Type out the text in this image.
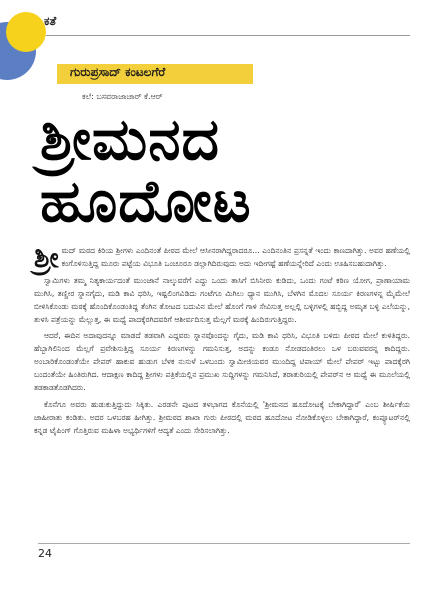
ಕತೆ
ಗುರುಪ್ರಸಾದ್ ಕಂಟಲಗೆರೆ
ಕಲೆ: ಬಸವರಾಜಾಚಾರ್ ಕೆ.ಆರ್
ಶ್ರೀಮನದ
ಹೂದೋಟ

ಶ್ರೀ ಮದ್ ಮಠದ ಕಿರಿಯ ಶ್ರೀಗಳು ಎಂದಿನಂತೆ ಪೀಠದ ಮೇಲೆ ಆಸೀನರಾಗಿದ್ದರಾದರೂ... ಎಂದಿನಂತಿನ ಪ್ರಸನ್ನತೆ ಇಂದು ಕಾಣದಾಗಿತ್ತು. ಅವರ ಹಣೆಯಲ್ಲಿ ಕಂಗೊಳಿಸುತ್ತಿದ್ದ ಮೂರು ಪಟ್ಟೆಯ ವಿಭೂತಿ ಒಂಚೂರೂ ಡಲ್ಲಾಗಿದಿರುವುದು ಅದು ಇದೀಗಷ್ಟೆ ಹಣೆಯನ್ನೇರಿದೆ ಎಂದು ಊಹಿಸಬಹುದಾಗಿತ್ತು.

ಸ್ವಾಮಿಗಳು ತಮ್ಮ ನಿತ್ಯಕಾರ್ಯದಂತೆ ಮುಂಜಾನೆ ನಾಲ್ಕುವರೆಗೆ ಎದ್ದು ಒಂದು ತಾಸಿಗೆ ಬಿಸಿನೀರು ಕುಡಿದು, ಒಂದು ಗಂಟೆ ಕಠಿಣ ಯೋಗ, ಪ್ರಾಣಾಯಾಮ ಮುಗಿಸಿ, ತಣ್ಣೀರ ಸ್ನಾನಗೈದು, ಮಡಿ ಕಾವಿ ಧರಿಸಿ, ಇಷ್ಟಲಿಂಗವಿಡಿದು ಗಂಟೆಗೂ ಮಿಗಿಲು ಧ್ಯಾನ ಮುಗಿಸಿ, ಬೆಳಗಿನ ಮೊದಲ ಸೂರ್ಯ ಕಿರಣಗಳನ್ನ ಮೈಮೇಲೆ ಬೀಳಿಸಿಕೊಂಡು ಮಠಕ್ಕೆ ಹೊಂದಿಕೊಂಡಂತಿದ್ದ ತೆಂಗಿನ ತೋಟದ ಬದುವಿನ ಮೇಲೆ ಹೊಂಗೆ ಗಾಳಿ ಸೇವಿಸುತ್ತ ಅಲ್ಲಲ್ಲಿ ಬಳ್ಳಿಗಳಲ್ಲಿ ಹಬ್ಬಿದ್ದ ಅಮೃತ ಬಳ್ಳಿ ಎಲೆಯನ್ನು, ತುಳಸಿ ಪತ್ರೆಯನ್ನು ಮೆಲ್ಲುತ್ತ, ಈ ಮಧ್ಯೆ ಪಾದಕ್ಕೆರಗಿದವರಿಗೆ ಆಶೀರ್ವದಿಸುತ್ತ ಮೆಲ್ಲಗೆ ಮಠಕ್ಕೆ ಹಿಂದಿರುಗುತ್ತಿದ್ದರು.

ಆದರೆ, ಈದಿನ ಅದಾವುದನ್ನೂ ಮಾಡದೆ ತಡವಾಗಿ ಎದ್ದವರು ಸ್ನಾನವೊಂದನ್ನು ಗೈದು, ಮಡಿ ಕಾವಿ ಧರಿಸಿ, ವಿಭೂತಿ ಬಳಿದು ಪೀಠದ ಮೇಲೆ ಕುಳಿತಿದ್ದರು. ಹೆಬ್ಬಾಗಿಲಿನಿಂದ ಮೆಲ್ಲಗೆ ಪ್ರವೇಶಿಸುತ್ತಿದ್ದ ಸೂರ್ಯ ಕಿರಣಗಳನ್ನು ಗಮನಿಸುತ್ತ, ಅದನ್ನು ಕಂಡೂ ನೋಡದಂತಿರಲು ಒಳ ಬರುವವರನ್ನ ಕಾದಿದ್ದರು. ಅಂಬಾರಿಕೊಂಡಂತೆಯೇ ಪೇಪರ್ ಹಾಕುವ ಹುಡುಗ ಬೆಳಕ ನುಸುಳೆ ಒಳಬಂದು ಸ್ವಾಮೀಜಿಯವರ ಮುಂದಿದ್ದ ಟಿಪಾಯ್ ಮೇಲೆ ಪೇಪರ್ ಇಟ್ಟು ಪಾದಕ್ಕೆರಗಿ ಬಂದಂತೆಯೇ ಹಿಂತಿರುಗಿದ. ಆದಾಕ್ಷಣ ಕಾದಿದ್ದ ಶ್ರೀಗಳು ಪತ್ರಿಕೆಯಲ್ಲಿನ ಪ್ರಮುಖ ಸುದ್ದಿಗಳನ್ನು ಗಮನಿಸಿದೆ, ತರಾತುರಿಯಲ್ಲಿ ಪೇಪರ್‌ನ ಆ ಮಧ್ಯೆ ಈ ಮೂಲೆಯಲ್ಲಿ ತಡಕಾಡತೊಡಗಿದರು.

ಕೊನೆಗೂ ಅವರು ಹುಡುಕುತ್ತಿದ್ದುದು ಸಿಕ್ಕಿತು. ಎರಡನೇ ಪುಟದ ತಳಭಾಗದ ಕೊನೆಯಲ್ಲಿ 'ಶ್ರೀಮನದ ಹೂದೋಟಕ್ಕೆ ಬೇಕಾಗಿದ್ದಾರೆ' ಎಂಬ ಶೀರ್ಷಿಕೆಯ ಜಾಹೀರಾತು ಕಂಡಿತು. ಅದರ ಒಳಬರಹ ಹೀಗಿತ್ತು. ಶ್ರೀಮಠದ ಶಾಖಾ ಗುರು ಪೀಠದಲ್ಲಿ ಮಠದ ಹೂದೋಟ ನೋಡಿಕೊಳ್ಳಲು ಬೇಕಾಗಿದ್ದಾರೆ, ಕಂಪ್ಯೂಟರ್‌ನಲ್ಲಿ ಕನ್ನಡ ಟೈಪಿಂಗ್ ಗೊತ್ತಿರುವ ಮಹಿಳಾ ಅಭ್ಯರ್ಥಿಗಳಿಗೆ ಆದ್ಯತೆ ಎಂದು ಸೇರಿಸಲಾಗಿತ್ತು.

24
